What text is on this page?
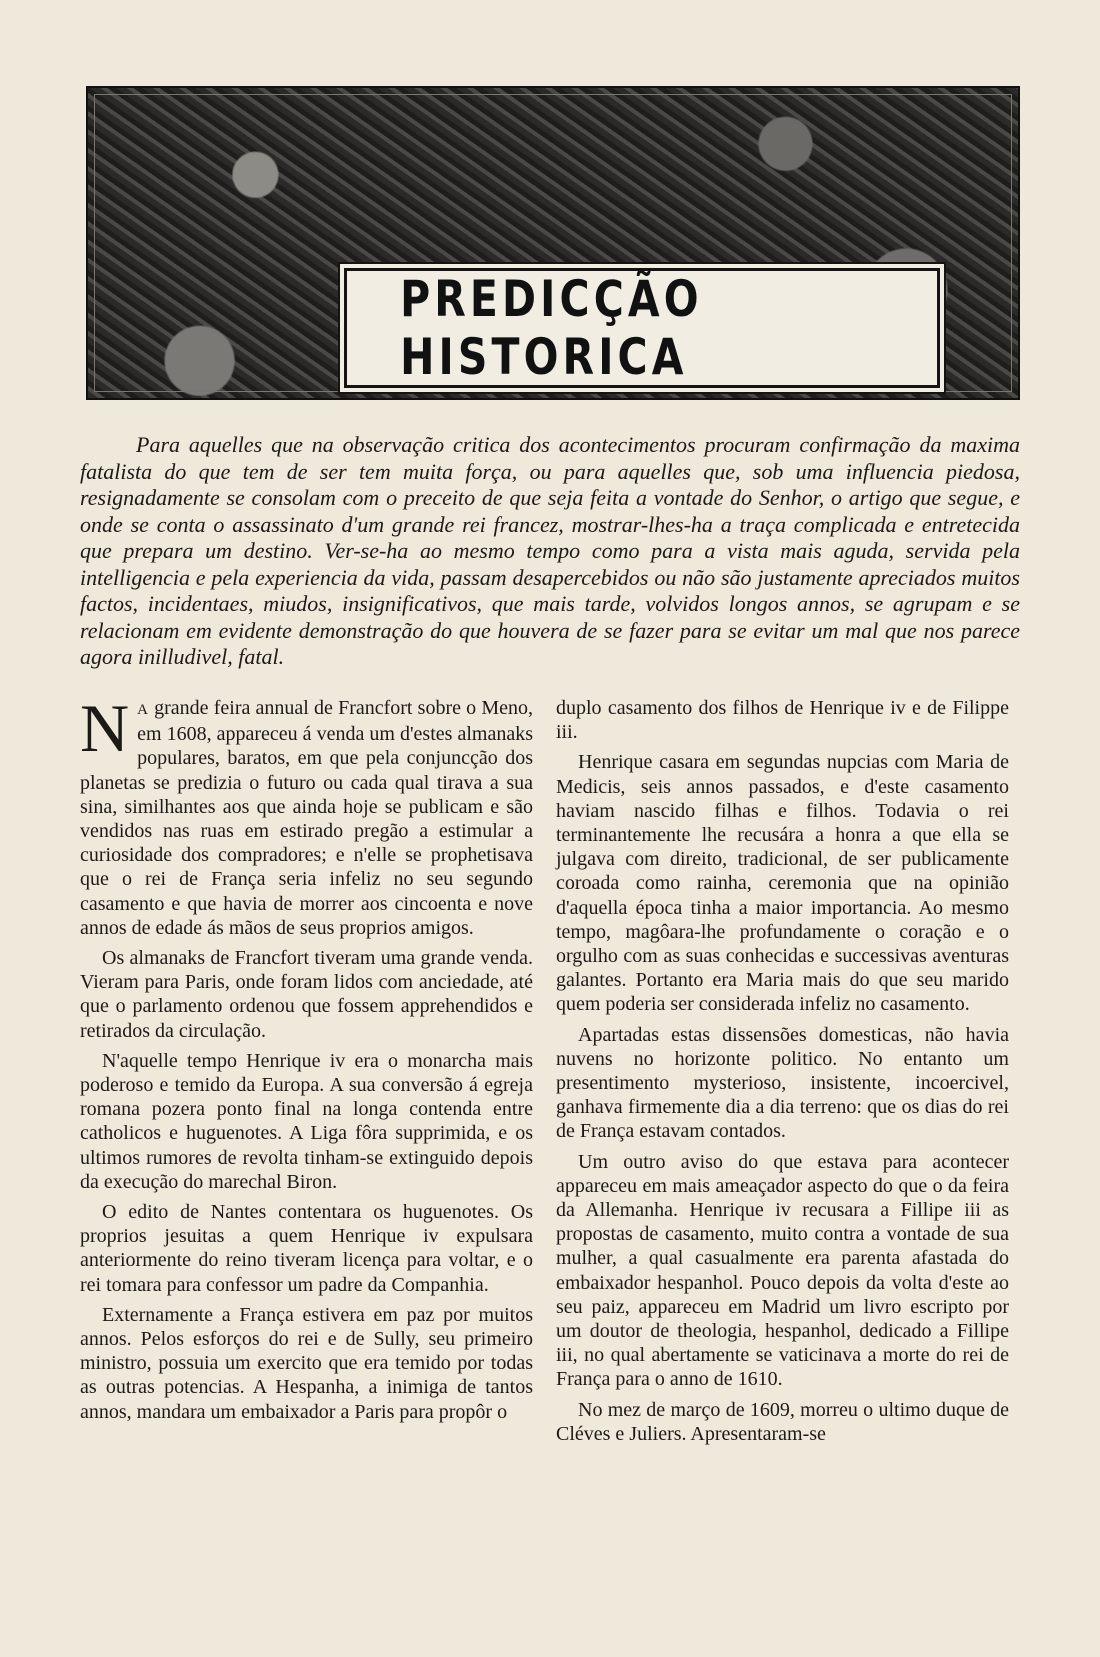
PREDICÇÃO HISTORICA

Para aquelles que na observação critica dos acontecimentos procuram confirmação da maxima fatalista do que tem de ser tem muita força, ou para aquelles que, sob uma influencia piedosa, resignadamente se consolam com o preceito de que seja feita a vontade do Senhor, o artigo que segue, e onde se conta o assassinato d'um grande rei francez, mostrar-lhes-ha a traça complicada e entretecida que prepara um destino. Ver-se-ha ao mesmo tempo como para a vista mais aguda, servida pela intelligencia e pela experiencia da vida, passam desapercebidos ou não são justamente apreciados muitos factos, incidentaes, miudos, insignificativos, que mais tarde, volvidos longos annos, se agrupam e se relacionam em evidente demonstração do que houvera de se fazer para se evitar um mal que nos parece agora inilludivel, fatal.

N A grande feira annual de Francfort sobre o Meno, em 1608, appareceu á venda um d'estes almanaks populares, baratos, em que pela conjuncção dos planetas se predizia o futuro ou cada qual tirava a sua sina, similhantes aos que ainda hoje se publicam e são vendidos nas ruas em estirado pregão a estimular a curiosidade dos compradores; e n'elle se prophetisava que o rei de França seria infeliz no seu segundo casamento e que havia de morrer aos cincoenta e nove annos de edade ás mãos de seus proprios amigos.

Os almanaks de Francfort tiveram uma grande venda. Vieram para Paris, onde foram lidos com anciedade, até que o parlamento ordenou que fossem apprehendidos e retirados da circulação.

N'aquelle tempo Henrique iv era o monarcha mais poderoso e temido da Europa. A sua conversão á egreja romana pozera ponto final na longa contenda entre catholicos e huguenotes. A Liga fôra supprimida, e os ultimos rumores de revolta tinham-se extinguido depois da execução do marechal Biron.

O edito de Nantes contentara os huguenotes. Os proprios jesuitas a quem Henrique iv expulsara anteriormente do reino tiveram licença para voltar, e o rei tomara para confessor um padre da Companhia.

Externamente a França estivera em paz por muitos annos. Pelos esforços do rei e de Sully, seu primeiro ministro, possuia um exercito que era temido por todas as outras potencias. A Hespanha, a inimiga de tantos annos, mandara um embaixador a Paris para propôr o

duplo casamento dos filhos de Henrique iv e de Filippe iii.

Henrique casara em segundas nupcias com Maria de Medicis, seis annos passados, e d'este casamento haviam nascido filhas e filhos. Todavia o rei terminantemente lhe recusára a honra a que ella se julgava com direito, tradicional, de ser publicamente coroada como rainha, ceremonia que na opinião d'aquella época tinha a maior importancia. Ao mesmo tempo, magôara-lhe profundamente o coração e o orgulho com as suas conhecidas e successivas aventuras galantes. Portanto era Maria mais do que seu marido quem poderia ser considerada infeliz no casamento.

Apartadas estas dissensões domesticas, não havia nuvens no horizonte politico. No entanto um presentimento mysterioso, insistente, incoercivel, ganhava firmemente dia a dia terreno: que os dias do rei de França estavam contados.

Um outro aviso do que estava para acontecer appareceu em mais ameaçador aspecto do que o da feira da Allemanha. Henrique iv recusara a Fillipe iii as propostas de casamento, muito contra a vontade de sua mulher, a qual casualmente era parenta afastada do embaixador hespanhol. Pouco depois da volta d'este ao seu paiz, appareceu em Madrid um livro escripto por um doutor de theologia, hespanhol, dedicado a Fillipe iii, no qual abertamente se vaticinava a morte do rei de França para o anno de 1610.

No mez de março de 1609, morreu o ultimo duque de Cléves e Juliers. Apresentaram-se
